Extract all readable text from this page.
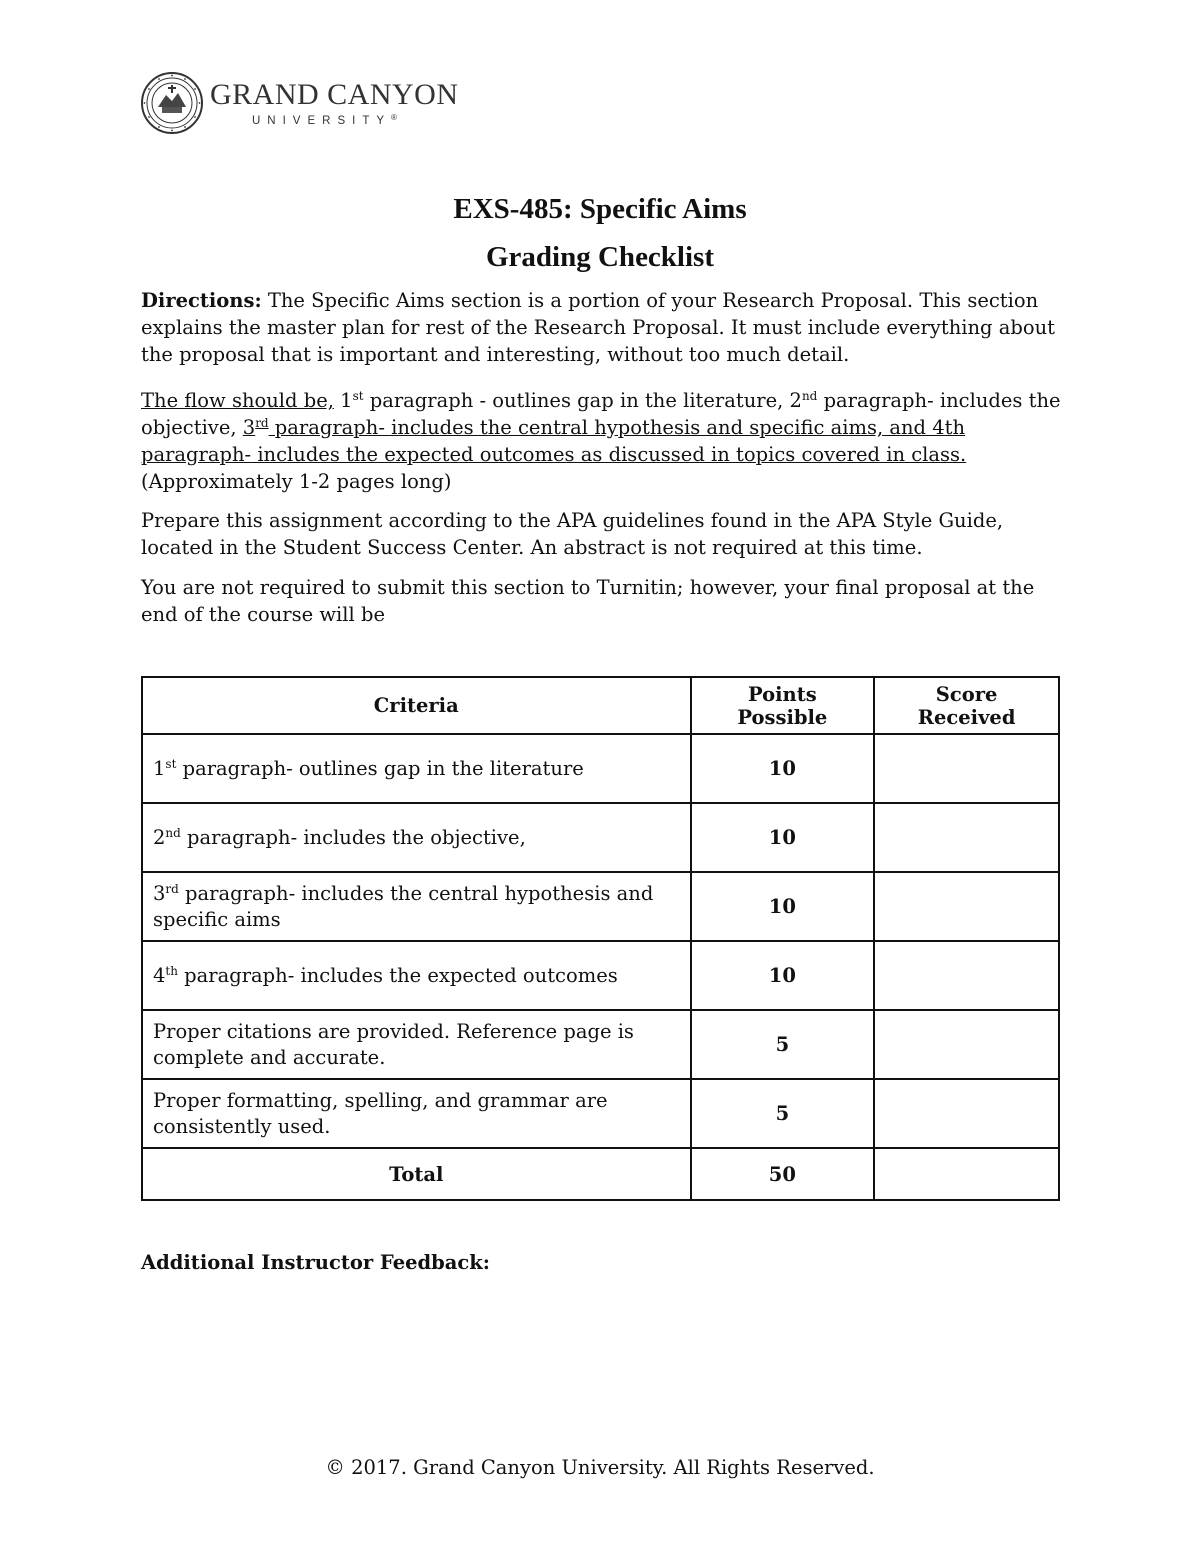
GRAND CANYON
UNIVERSITY®
EXS-485: Specific Aims
Grading Checklist
Directions: The Specific Aims section is a portion of your Research Proposal. This section explains the master plan for rest of the Research Proposal. It must include everything about the proposal that is important and interesting, without too much detail.
The flow should be, 1st paragraph - outlines gap in the literature, 2nd paragraph- includes the objective, 3rd paragraph- includes the central hypothesis and specific aims, and 4th paragraph- includes the expected outcomes as discussed in topics covered in class. (Approximately 1-2 pages long)
Prepare this assignment according to the APA guidelines found in the APA Style Guide, located in the Student Success Center. An abstract is not required at this time.
You are not required to submit this section to Turnitin; however, your final proposal at the end of the course will be
Criteria	Points Possible	Score Received
1st paragraph- outlines gap in the literature	10	
2nd paragraph- includes the objective,	10	
3rd paragraph- includes the central hypothesis and specific aims	10	
4th paragraph- includes the expected outcomes	10	
Proper citations are provided. Reference page is complete and accurate.	5	
Proper formatting, spelling, and grammar are consistently used.	5	
Total	50	
Additional Instructor Feedback:
© 2017. Grand Canyon University. All Rights Reserved.
